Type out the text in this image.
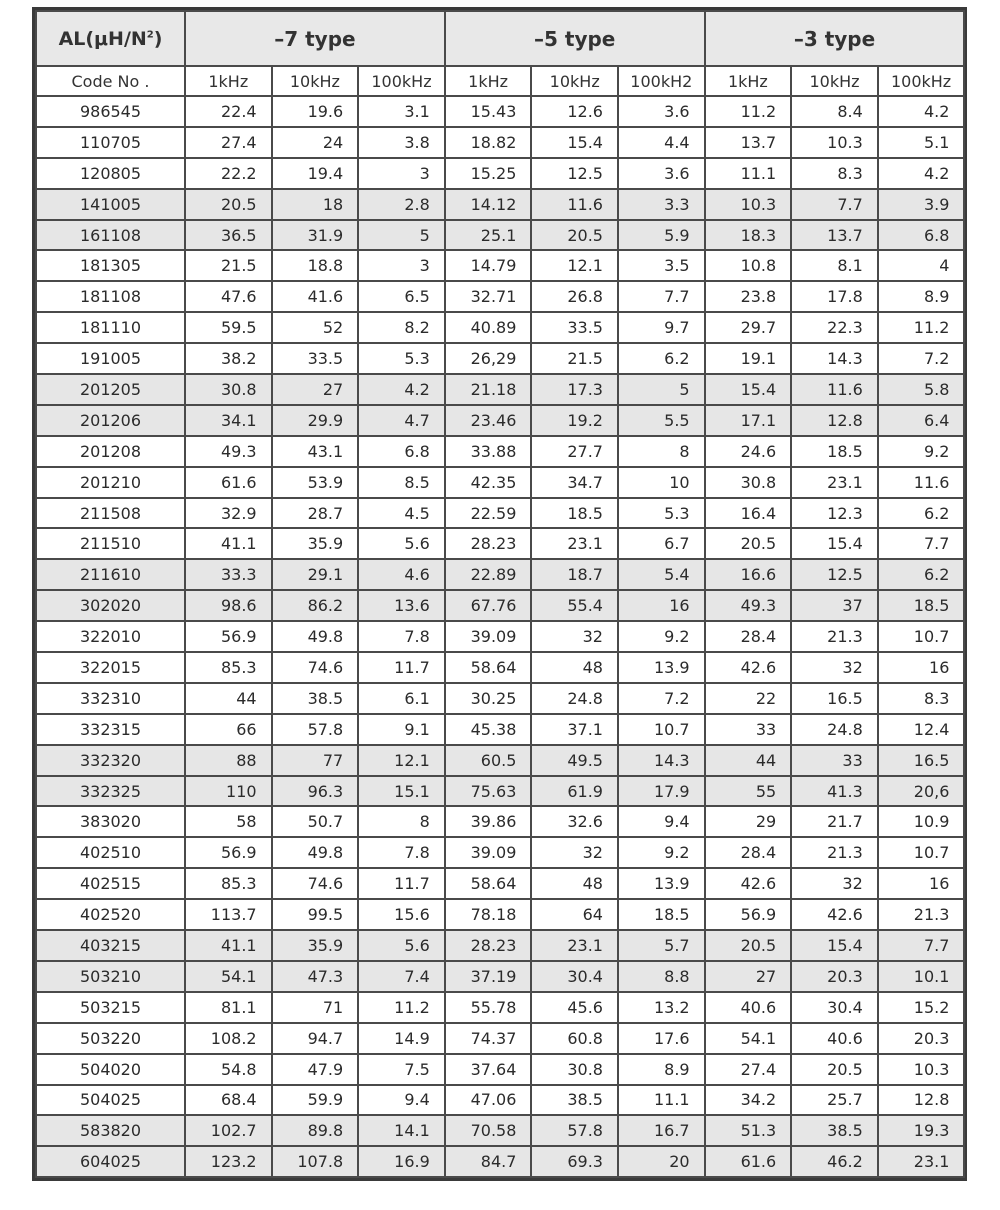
$AL(\mu H/N^2)$	–7 type			–5 type			–3 type		
Code No .	1kHz	10kHz	100kHz	1kHz	10kHz	100kH2	1kHz	10kHz	100kHz
986545	22.4	19.6	3.1	15.43	12.6	3.6	11.2	8.4	4.2
110705	27.4	24	3.8	18.82	15.4	4.4	13.7	10.3	5.1
120805	22.2	19.4	3	15.25	12.5	3.6	11.1	8.3	4.2
141005	20.5	18	2.8	14.12	11.6	3.3	10.3	7.7	3.9
161108	36.5	31.9	5	25.1	20.5	5.9	18.3	13.7	6.8
181305	21.5	18.8	3	14.79	12.1	3.5	10.8	8.1	4
181108	47.6	41.6	6.5	32.71	26.8	7.7	23.8	17.8	8.9
181110	59.5	52	8.2	40.89	33.5	9.7	29.7	22.3	11.2
191005	38.2	33.5	5.3	26,29	21.5	6.2	19.1	14.3	7.2
201205	30.8	27	4.2	21.18	17.3	5	15.4	11.6	5.8
201206	34.1	29.9	4.7	23.46	19.2	5.5	17.1	12.8	6.4
201208	49.3	43.1	6.8	33.88	27.7	8	24.6	18.5	9.2
201210	61.6	53.9	8.5	42.35	34.7	10	30.8	23.1	11.6
211508	32.9	28.7	4.5	22.59	18.5	5.3	16.4	12.3	6.2
211510	41.1	35.9	5.6	28.23	23.1	6.7	20.5	15.4	7.7
211610	33.3	29.1	4.6	22.89	18.7	5.4	16.6	12.5	6.2
302020	98.6	86.2	13.6	67.76	55.4	16	49.3	37	18.5
322010	56.9	49.8	7.8	39.09	32	9.2	28.4	21.3	10.7
322015	85.3	74.6	11.7	58.64	48	13.9	42.6	32	16
332310	44	38.5	6.1	30.25	24.8	7.2	22	16.5	8.3
332315	66	57.8	9.1	45.38	37.1	10.7	33	24.8	12.4
332320	88	77	12.1	60.5	49.5	14.3	44	33	16.5
332325	110	96.3	15.1	75.63	61.9	17.9	55	41.3	20,6
383020	58	50.7	8	39.86	32.6	9.4	29	21.7	10.9
402510	56.9	49.8	7.8	39.09	32	9.2	28.4	21.3	10.7
402515	85.3	74.6	11.7	58.64	48	13.9	42.6	32	16
402520	113.7	99.5	15.6	78.18	64	18.5	56.9	42.6	21.3
403215	41.1	35.9	5.6	28.23	23.1	5.7	20.5	15.4	7.7
503210	54.1	47.3	7.4	37.19	30.4	8.8	27	20.3	10.1
503215	81.1	71	11.2	55.78	45.6	13.2	40.6	30.4	15.2
503220	108.2	94.7	14.9	74.37	60.8	17.6	54.1	40.6	20.3
504020	54.8	47.9	7.5	37.64	30.8	8.9	27.4	20.5	10.3
504025	68.4	59.9	9.4	47.06	38.5	11.1	34.2	25.7	12.8
583820	102.7	89.8	14.1	70.58	57.8	16.7	51.3	38.5	19.3
604025	123.2	107.8	16.9	84.7	69.3	20	61.6	46.2	23.1
